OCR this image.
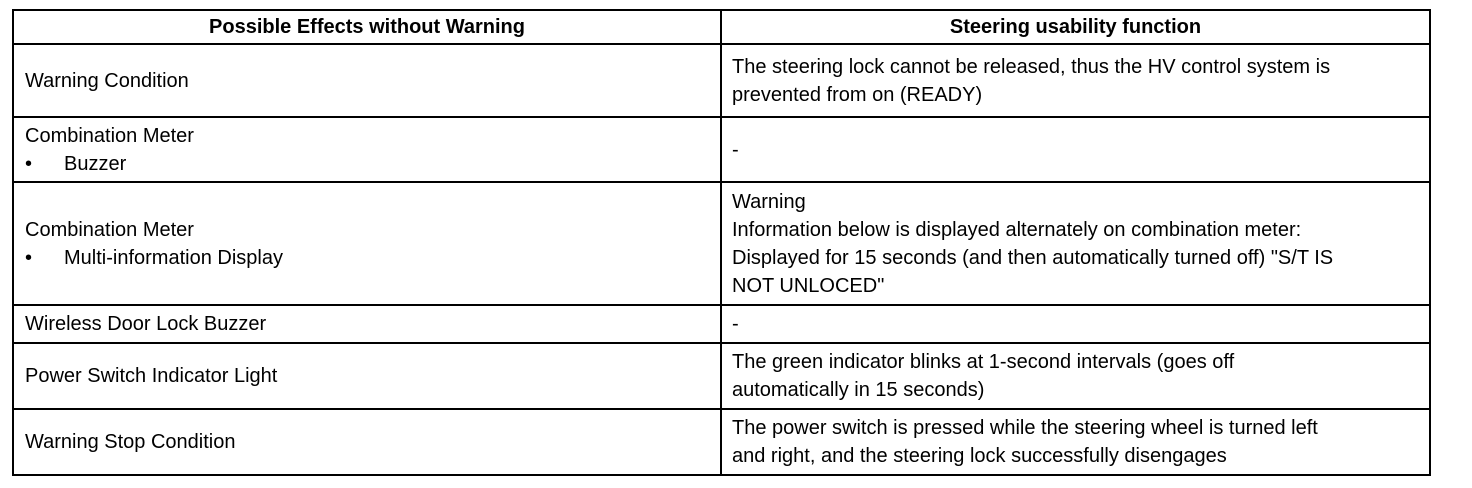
Possible Effects without Warning	Steering usability function
Warning Condition	The steering lock cannot be released, thus the HV control system is
prevented from on (READY)

Combination Meter
• Buzzer	-

Combination Meter
• Multi-information Display	Warning
Information below is displayed alternately on combination meter:
Displayed for 15 seconds (and then automatically turned off) "S/T IS
NOT UNLOCED"

Wireless Door Lock Buzzer	-

Power Switch Indicator Light	The green indicator blinks at 1-second intervals (goes off
automatically in 15 seconds)

Warning Stop Condition	The power switch is pressed while the steering wheel is turned left
and right, and the steering lock successfully disengages
